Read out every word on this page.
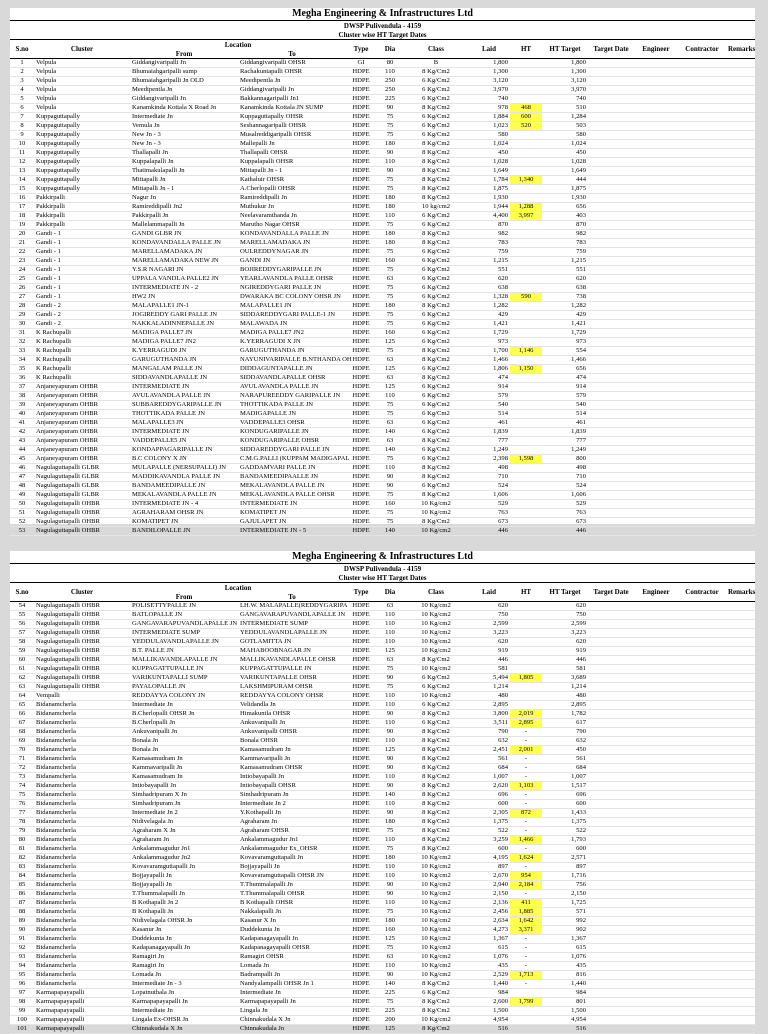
Megha Engineering & Infrastructures Ltd													
DWSP Pulivendula - 4159													
Cluster wise HT Target Dates													
S.no	Cluster	Location		Type	Dia	Class	Laid	HT	HT Target	Target Date	Engineer	Contractor	Remarks
		From	To										
1	Velpula	Giddangivaripalli Jn	Giddangivaripalli OHSR	GI	80	B	1,800		1,800				
2	Velpula	Bhumaiahgaripalli sump	Rachakuntapalli OHSR	HDPE	110	8 Kg/Cm2	1,300		1,300				
3	Velpula	Bhumaiahgaripalli Jn OLD	Meedipentla Jn	HDPE	250	6 Kg/Cm2	3,120		3,120				
4	Velpula	Meedipentla Jn	Giddangivaripalli Jn	HDPE	250	6 Kg/Cm2	3,970		3,970				
5	Velpula	Giddangivaripalli Jn	Bakkannagaripalli Jn1	HDPE	225	6 Kg/Cm2	740		740				
6	Velpula	Kanamkinda Kottala X Road Jn	Kanamkinda Kottala JN SUMP	HDPE	90	8 Kg/Cm2	978	468	510				
7	Kuppaguttapally	Intermediate Jn	Kuppaguttapally OHSR	HDPE	75	6 Kg/Cm2	1,884	600	1,284				
8	Kuppaguttapally	Vemula Jn	Seshannagaripalli OHSR	HDPE	75	6 Kg/Cm2	1,023	520	503				
9	Kuppaguttapally	New Jn - 3	Musalreddigaripalli OHSR	HDPE	75	6 Kg/Cm2	580		580				
10	Kuppaguttapally	New Jn - 3	Mallepalli Jn	HDPE	180	8 Kg/Cm2	1,024		1,024				
11	Kuppaguttapally	Thallapalli Jn	Thallapalli OHSR	HDPE	90	8 Kg/Cm2	450		450				
12	Kuppaguttapally	Kuppalapalli Jn	Kuppalapalli OHSR	HDPE	110	8 Kg/Cm2	1,028		1,028				
13	Kuppaguttapally	Thatimakulapalli Jn	Mittapalli Jn - 1	HDPE	90	8 Kg/Cm2	1,649		1,649				
14	Kuppaguttapally	Mittapalli Jn	Kathaluir OHSR	HDPE	75	8 Kg/Cm2	1,784	1,340	444				
15	Kuppaguttapally	Mittapalli Jn - 1	A.Cherlopalli OHSR	HDPE	75	8 Kg/Cm2	1,875		1,875				
16	Pakkirpalli	Nagur Jn	Ramireddipalli Jn	HDPE	180	8 Kg/Cm2	1,930		1,930				
17	Pakkirpalli	Ramireddipalli Jn2	Muthukur Jn	HDPE	180	10 kg/cm2	1,944	1,288	656				
18	Pakkirpalli	Pakkirpalli Jn	Neelavaramthanda Jn	HDPE	110	6 Kg/Cm2	4,400	3,997	403				
19	Pakkirpalli	Mallelammapalli Jn	Marutho Nagar OHSR	HDPE	75	6 Kg/Cm2	870		870				
20	Gandi - 1	GANDI GLBR JN	KONDAVANDALLA PALLE JN	HDPE	180	8 Kg/Cm2	982		982				
21	Gandi - 1	KONDAVANDALLA PALLE JN	MARELLAMADAKA JN	HDPE	180	8 Kg/Cm2	783		783				
22	Gandi - 1	MARELLAMADAKA JN	OULREDDYNAGAR JN	HDPE	75	6 Kg/Cm2	759		759				
23	Gandi - 1	MARELLAMADAKA NEW JN	GANDI JN	HDPE	160	6 Kg/Cm2	1,215		1,215				
24	Gandi - 1	Y.S.R NAGARI JN	BOJIREDDYGARIPALLE JN	HDPE	75	6 Kg/Cm2	551		551				
25	Gandi - 1	UPPALA VANDLA PALLE2 JN	YEARLAVANDLA PALLE OHSR	HDPE	63	6 Kg/Cm2	620		620				
26	Gandi - 1	INTERMEDIATE JN - 2	NGIREDDYGARI PALLE JN	HDPE	75	6 Kg/Cm2	638		638				
27	Gandi - 1	HW2 JN	DWARAKA BC COLONY OHSR JN	HDPE	75	6 Kg/Cm2	1,328	590	738				
28	Gandi - 2	MALAPALLE1 JN-1	MALAPALLE1 JN	HDPE	180	8 Kg/Cm2	1,282		1,282				
29	Gandi - 2	JOGIREDDY GARI PALLE JN	SIDDAREDDYGARI PALLE-1 JN	HDPE	75	6 Kg/Cm2	429		429				
30	Gandi - 2	NAKKALADINNEPALLE JN	MALAWADA JN	HDPE	75	6 Kg/Cm2	1,421		1,421				
31	K Rachupalli	MADIGA PALLE7 JN	MADIGA PALLE7 JN2	HDPE	160	6 Kg/Cm2	1,729		1,729				
32	K Rachupalli	MADIGA PALLE7 JN2	K.YERRAGUDI X JN	HDPE	125	6 Kg/Cm2	973		973				
33	K Rachupalli	K.YERRAGUDI JN	GARUGUTHANDA JN	HDPE	75	8 Kg/Cm2	1,700	1,146	554				
34	K Rachupalli	GARUGUTHANDA JN	NAYUNIVARIPALLE B.NTHANDA OH	HDPE	63	8 Kg/Cm2	1,466		1,466				
35	K Rachupalli	MANGALAM PALLE JN	DIDDAGUNTAPALLE JN	HDPE	125	6 Kg/Cm2	1,806	1,150	656				
36	K Rachupalli	SIDDAVANDLAPALLE JN	SIDDAVANDLAPALLE OHSR	HDPE	63	8 Kg/Cm2	474		474				
37	Anjaneyapuram OHBR	INTERMEDIATE JN	AVULAVANDLA PALLE JN	HDPE	125	6 Kg/Cm2	914		914				
38	Anjaneyapuram OHBR	AVULAVANDLA PALLE JN	NARAPUREEDDY GARIPALLE JN	HDPE	110	6 Kg/Cm2	579		579				
39	Anjaneyapuram OHBR	SUBBAREDDYGARIPALLE JN	THOTTIKADA PALLE JN	HDPE	75	6 Kg/Cm2	540		540				
40	Anjaneyapuram OHBR	THOTTIKADA PALLE JN	MADIGAPALLE JN	HDPE	75	6 Kg/Cm2	514		514				
41	Anjaneyapuram OHBR	MALAPALLE3 JN	VADDEPALLE3 OHSR	HDPE	63	6 Kg/Cm2	461		461				
42	Anjaneyapuram OHBR	INTERMEDIATE JN	KONDUGARIPALLE JN	HDPE	140	6 Kg/Cm2	1,839		1,839				
43	Anjaneyapuram OHBR	VADDEPALLE5 JN	KONDUGARIPALLE OHSR	HDPE	63	8 Kg/Cm2	777		777				
44	Anjaneyapuram OHBR	KONDAPPAGARIPALLE JN	SIDDAREDDYGARI PALLE JN	HDPE	140	6 Kg/Cm2	1,249		1,249				
45	Anjaneyapuram OHBR	B.C COLONY X JN	C.M.G.PALLI (KUPPAM MADIGAPAL	HDPE	75	6 Kg/Cm2	2,398	1,598	800				
46	Nagulaguttapalli GLBR	MULAPALLE (NERSUPALLI) JN	GADDAMVARI PALLE JN	HDPE	110	8 Kg/Cm2	498		498				
47	Nagulaguttapalli GLBR	MADDIKAVANDLA PALLE JN	BANDAMEEDIPAALLE JN	HDPE	90	8 Kg/Cm2	710		710				
48	Nagulaguttapalli GLBR	BANDAMEEDIPALLE JN	MEKALAVANDLA PALLE JN	HDPE	90	6 Kg/Cm2	524		524				
49	Nagulaguttapalli GLBR	MEKALAVANDLA PALLE JN	MEKALAVANDLA PALLE OHSR	HDPE	75	8 Kg/Cm2	1,606		1,606				
50	Nagulaguttapalli OHBR	INTERMEDIATE JN - 4	INTERMEDIATE JN	HDPE	160	10 Kg/cm2	529		529				
51	Nagulaguttapalli OHBR	AGRAHARAM OHSR JN	KOMATIPET JN	HDPE	75	10 Kg/cm2	763		763				
52	Nagulaguttapalli OHBR	KOMATIPET JN	GAJULAPET JN	HDPE	75	8 Kg/Cm2	673		673				
53	Nagulaguttapalli OHBR	BANDILOPALLE JN	INTERMEDIATE JN - 5	HDPE	140	10 Kg/cm2	446		446				
Megha Engineering & Infrastructures Ltd													
DWSP Pulivendula - 4159													
Cluster wise HT Target Dates													
S.no	Cluster	Location		Type	Dia	Class	Laid	HT	HT Target	Target Date	Engineer	Contractor	Remarks
		From	To										
54	Nagulaguttapalli OHBR	POLISETTYPALLE JN	LH.W. MALAPALLE(REDDYGARIPA	HDPE	63	10 Kg/cm2	620		620				
55	Nagulaguttapalli OHBR	BATLOPALLE JN	GANGAVARAPUVANDLAPALLE JN	HDPE	110	10 Kg/cm2	750		750				
56	Nagulaguttapalli OHBR	GANGAVARAPUVANDLAPALLE JN	INTERMEDIATE SUMP	HDPE	110	10 Kg/cm2	2,599		2,599				
57	Nagulaguttapalli OHBR	INTERMEDIATE SUMP	YEDDULAVANDLAPALLE JN	HDPE	110	10 Kg/cm2	3,223		3,223				
58	Nagulaguttapalli OHBR	YEDDULAVANDLAPALLE JN	GOTLAMITTA JN	HDPE	110	10 Kg/cm2	620		620				
59	Nagulaguttapalli OHBR	B.T. PALLE JN	MAHABOOBNAGAR JN	HDPE	125	10 Kg/cm2	919		919				
60	Nagulaguttapalli OHBR	MALLIKAVANDLAPALLE JN	MALLIKAVANDLAPALLE OHSR	HDPE	63	8 Kg/Cm2	446		446				
61	Nagulaguttapalli OHBR	KUPPAGATTUPALLE JN	KUPPAGATTUPALLE JN	HDPE	75	10 Kg/cm2	581		581				
62	Nagulaguttapalli OHBR	VARIKUNTAPALLI SUMP	VARIKUNTAPALLE OHSR	HDPE	90	6 Kg/Cm2	5,494	1,805	3,689				
63	Nagulaguttapalli OHBR	PAYALOPALLE JN	LAKSHMIPURAM OHSR	HDPE	75	6 Kg/Cm2	1,214		1,214				
64	Vempalli	REDDAYYA COLONY JN	REDDAYYA COLONY OHSR	HDPE	110	10 Kg/cm2	480		480				
65	Bidanamcherla	Intermediate Jn	Velidandla Jn	HDPE	110	6 Kg/Cm2	2,895		2,895				
66	Bidanamcherla	B.Cherlopalli OHSR Jn	Himakuntla OHSR	HDPE	90	8 Kg/Cm2	3,800	2,019	1,782				
67	Bidanamcherla	B.Cherlopalli Jn	Ankuvanipalli Jn	HDPE	110	6 Kg/Cm2	3,511	2,895	617				
68	Bidanamcherla	Ankuvanipalli Jn	Ankuvanipalli OHSR	HDPE	90	8 Kg/Cm2	790	-	790				
69	Bidanamcherla	Bonala Jn	Bonala OHSR	HDPE	110	8 Kg/Cm2	632	-	632				
70	Bidanamcherla	Bonala Jn	Kamasamudram Jn	HDPE	125	8 Kg/Cm2	2,451	2,001	450				
71	Bidanamcherla	Kamasamudram Jn	Kammavaripalli Jn	HDPE	90	8 Kg/Cm2	561	-	561				
72	Bidanamcherla	Kammavaripalli Jn	Kamasamudram OHSR	HDPE	90	8 Kg/Cm2	684	-	684				
73	Bidanamcherla	Kamasamudram Jn	Intiobayapalli Jn	HDPE	110	8 Kg/Cm2	1,007	-	1,007				
74	Bidanamcherla	Intiobayapalli Jn	Intiobayapalli OHSR	HDPE	90	8 Kg/Cm2	2,620	1,103	1,517				
75	Bidanamcherla	Simhadripuram X Jn	Simhadripuram Jn	HDPE	140	8 Kg/Cm2	696	-	696				
76	Bidanamcherla	Simhadripuram Jn	Intermediate Jn 2	HDPE	110	8 Kg/Cm2	600	-	600				
77	Bidanamcherla	Intermediate Jn 2	Y.Kothapalli Jn	HDPE	90	8 Kg/Cm2	2,305	872	1,433				
78	Bidanamcherla	Nidivelagala Jn	Agraharam Jn	HDPE	180	8 Kg/Cm2	1,375	-	1,375				
79	Bidanamcherla	Agraharam X Jn	Agraharam OHSR	HDPE	75	8 Kg/Cm2	522	-	522				
80	Bidanamcherla	Agraharam Jn	Ankalammagudur Jn1	HDPE	110	8 Kg/Cm2	3,259	1,466	1,793				
81	Bidanamcherla	Ankalammagudur Jn1	Ankalammagudur Ex_OHSR	HDPE	75	8 Kg/Cm2	600	-	600				
82	Bidanamcherla	Ankalammagudur Jn2	Kovavaramguttapalli Jn	HDPE	180	10 Kg/cm2	4,195	1,624	2,571				
83	Bidanamcherla	Kovavaramguttapalli Jn	Bojjayapalli Jn	HDPE	110	10 Kg/cm2	897	-	897				
84	Bidanamcherla	Bojjayapalli Jn	Kovavaramguttapalli OHSR JN	HDPE	110	10 Kg/cm2	2,670	954	1,716				
85	Bidanamcherla	Bojjayapalli Jn	T.Thummalapalli Jn	HDPE	90	10 Kg/cm2	2,940	2,184	756				
86	Bidanamcherla	T.Thummalapalli Jn	T.Thummalapalli OHSR	HDPE	90	10 Kg/cm2	2,150	-	2,150				
87	Bidanamcherla	B Kothapalli Jn 2	B Kothapalli OHSR	HDPE	110	10 Kg/cm2	2,136	411	1,725				
88	Bidanamcherla	B Kothapalli Jn	Nakkalapalli Jn	HDPE	75	10 Kg/cm2	2,456	1,885	571				
89	Bidanamcherla	Nidivelagala OHSR Jn	Kasanur X Jn	HDPE	180	10 Kg/cm2	2,634	1,642	992				
90	Bidanamcherla	Kasanur Jn	Duddekunta Jn	HDPE	160	10 Kg/cm2	4,273	3,371	902				
91	Bidanamcherla	Duddekunta Jn	Kadapanagayapalli Jn	HDPE	125	10 Kg/cm2	1,367	-	1,367				
92	Bidanamcherla	Kadapanagayapalli Jn	Kadapanagayapalli OHSR	HDPE	75	10 Kg/cm2	615	-	615				
93	Bidanamcherla	Ramagiri Jn	Ramagiri OHSR	HDPE	63	10 Kg/cm2	1,076	-	1,076				
94	Bidanamcherla	Ramagiri Jn	Lomada Jn	HDPE	110	10 Kg/cm2	435	-	435				
95	Bidanamcherla	Lomada Jn	Badrampalli Jn	HDPE	90	10 Kg/cm2	2,529	1,713	816				
96	Bidanamcherla	Intermediate Jn - 3	Nandyalampalli OHSR Jn 1	HDPE	140	8 Kg/Cm2	1,440	-	1,440				
97	Karmapapayapalli	Lopatnuthala Jn	Intermediate Jn	HDPE	225	6 Kg/Cm2	984		984				
98	Karmapapayapalli	Karmapapayapalli Jn	Karmapapayapalli Jn	HDPE	75	8 Kg/Cm2	2,600	1,799	801				
99	Karmapapayapalli	Intermediate Jn	Lingala Jn	HDPE	225	8 Kg/Cm2	1,500		1,500				
100	Karmapapayapalli	Lingala Ex-OHSR Jn	Chinnakudala X Jn	HDPE	200	10 Kg/cm2	4,954		4,954				
101	Karmapapayapalli	Chinnakudala X Jn	Chinnakudala Jn	HDPE	125	8 Kg/Cm2	516		516				
